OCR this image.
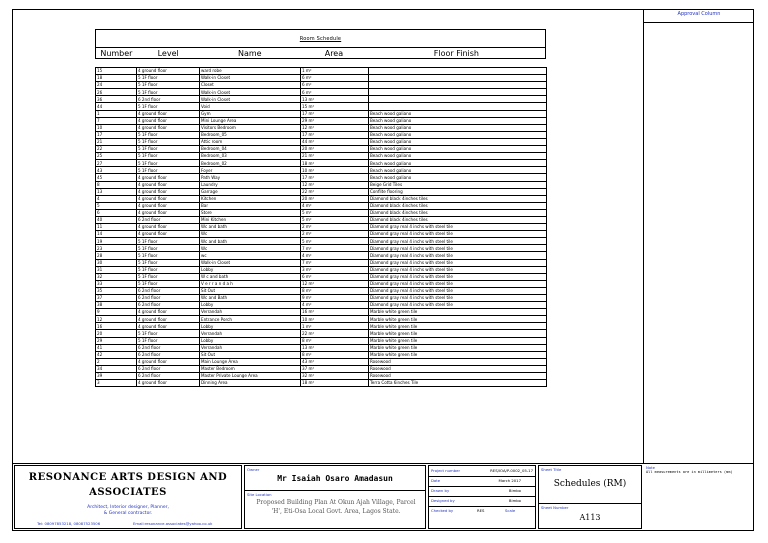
Approval Column
Room Schedule
Number	Level	Name	Area	Floor Finish
15	4 ground floor	ward robe	1 m²	
18	5 1F floor	Walk-in Closet	6 m²	
24	5 1F floor	Closet	6 m²	
26	5 1F floor	Walk-in Closet	6 m²	
36	6 2nd floor	Walk-in Closet	13 m²	
44	5 1F floor	Void	15 m²	
1	4 ground floor	Gym	17 m²	Beach wood galiano
7	4 ground floor	Mini Lounge Area	29 m²	Beach wood galiano
10	4 ground floor	Visitors Bedroom	12 m²	Beach wood galiano
17	5 1F floor	Bedroom_05	17 m²	Beach wood galiano
21	5 1F floor	Attic room	44 m²	Beach wood galiano
22	5 1F floor	Bedroom_04	20 m²	Beach wood galiano
25	5 1F floor	Bedroom_03	21 m²	Beach wood galiano
27	5 1F floor	Bedroom_02	18 m²	Beach wood galiano
43	5 1F floor	Foyer	10 m²	Beach wood galiano
45	4 ground floor	Path Way	17 m²	Beach wood galiano
8	4 ground floor	Laundry	12 m²	Beige Grid Tiles
13	4 ground floor	Garrage	22 m²	Conflite flooring
4	4 ground floor	Kitchen	20 m²	Diamond black 4inches tiles
5	4 ground floor	Bar	4 m²	Diamond black 4inches tiles
6	4 ground floor	Store	5 m²	Diamond black 4inches tiles
40	6 2nd floor	Mini Kitchen	5 m²	Diamond black 4inches tiles
11	4 ground floor	Wc and bath	2 m²	Diamond gray real 4 inchs with steel tile
14	4 ground floor	Wc	2 m²	Diamond gray real 4 inchs with steel tile
19	5 1F floor	Wc and bath	5 m²	Diamond gray real 4 inchs with steel tile
23	5 1F floor	Wc	7 m²	Diamond gray real 4 inchs with steel tile
28	5 1F floor	wc	4 m²	Diamond gray real 4 inchs with steel tile
30	5 1F floor	Walk-in Closet	7 m²	Diamond gray real 4 inchs with steel tile
31	5 1F floor	Lobby	3 m²	Diamond gray real 4 inchs with steel tile
32	5 1F floor	W c and bath	6 m²	Diamond gray real 4 inchs with steel tile
33	5 1F floor	V e r r a n d a h	12 m²	Diamond gray real 4 inchs with steel tile
35	6 2nd floor	Sit Out	8 m²	Diamond gray real 4 inchs with steel tile
37	6 2nd floor	Wc and Bath	9 m²	Diamond gray real 4 inchs with steel tile
38	6 2nd floor	Lobby	4 m²	Diamond gray real 4 inchs with steel tile
9	4 ground floor	Verrandah	16 m²	Marble white green tile
12	4 ground floor	Entrance Porch	10 m²	Marble white green tile
16	4 ground floor	Lobby	1 m²	Marble white green tile
20	5 1F floor	Verrandah	22 m²	Marble white green tile
29	5 1F floor	Lobby	8 m²	Marble white green tile
41	6 2nd floor	Verrandah	13 m²	Marble white green tile
42	6 2nd floor	Sit Out	8 m²	Marble white green tile
2	4 ground floor	Main Lounge Area	43 m²	Rosewood
34	6 2nd floor	Master Bedroom	37 m²	Rosewood
39	6 2nd floor	Master Private Lounge Area	32 m²	Rosewood
3	4 ground floor	Dinning Area	18 m²	Terra Cotta 6inches Tile
RESONANCE ARTS DESIGN AND
ASSOCIATES
Architect, Interior designer, Planner,
& General contractor.
Tel: 08097853218, 08087523506	Email:resonance.associates@yahoo.co.uk
Owner
Mr Isaiah Osaro Amadasun
Site Location
Proposed Building Plan At Okun Ajah Village, Parcel 'H', Eti-Osa Local Govt. Area, Lagos State.
Project number	RES/IOA/P-0002_05-17
Date	March 2017
Drawn by	Bimbo
Designed by	Bimbo
Checked by	RES	Scale
Sheet Title
Schedules (RM)
Sheet Number
A113
Note
All measurements are in millimeters (mm)
